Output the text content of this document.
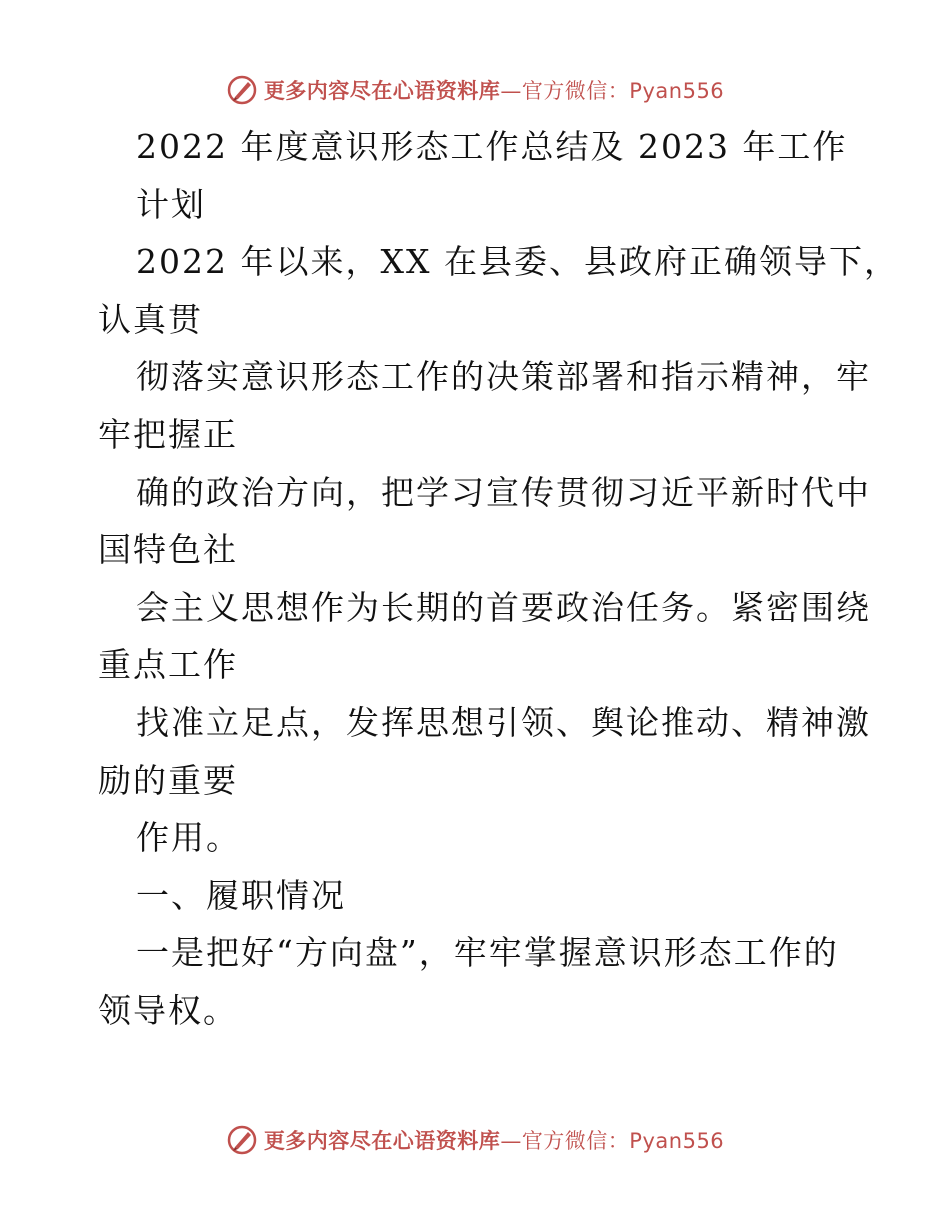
更多内容尽在心语资料库—官方微信：Pyan556
2022 年度意识形态工作总结及 2023 年工作
计划
2022 年以来，XX 在县委、县政府正确领导下，
认真贯
彻落实意识形态工作的决策部署和指示精神，牢
牢把握正
确的政治方向，把学习宣传贯彻习近平新时代中
国特色社
会主义思想作为长期的首要政治任务。紧密围绕
重点工作
找准立足点，发挥思想引领、舆论推动、精神激
励的重要
作用。
一、履职情况
一是把好“方向盘”，牢牢掌握意识形态工作的
领导权。
更多内容尽在心语资料库—官方微信：Pyan556
